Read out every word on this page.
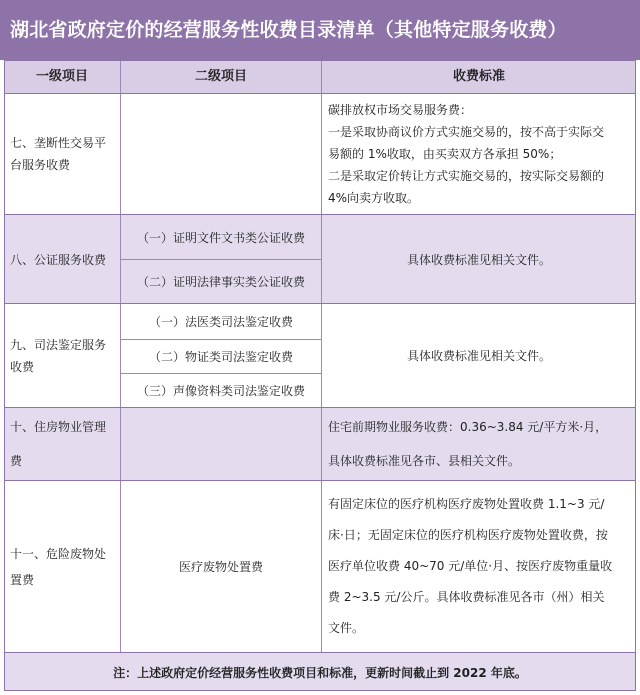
湖北省政府定价的经营服务性收费目录清单（其他特定服务收费）
一级项目	二级项目	收费标准
七、垄断性交易平
台服务收费
碳排放权市场交易服务费：
一是采取协商议价方式实施交易的，按不高于实际交
易额的 1%收取，由买卖双方各承担 50%；
二是采取定价转让方式实施交易的，按实际交易额的
4%向卖方收取。
八、公证服务收费
（一）证明文件文书类公证收费
（二）证明法律事实类公证收费
具体收费标准见相关文件。
九、司法鉴定服务
收费
（一）法医类司法鉴定收费
（二）物证类司法鉴定收费
（三）声像资料类司法鉴定收费
具体收费标准见相关文件。
十、住房物业管理
费
住宅前期物业服务收费：0.36~3.84 元/平方米·月，
具体收费标准见各市、县相关文件。
十一、危险废物处
置费
医疗废物处置费
有固定床位的医疗机构医疗废物处置收费 1.1~3 元/
床·日；无固定床位的医疗机构医疗废物处置收费，按
医疗单位收费 40~70 元/单位·月、按医疗废物重量收
费 2~3.5 元/公斤。具体收费标准见各市（州）相关
文件。
注：上述政府定价经营服务性收费项目和标准，更新时间截止到 2022 年底。
